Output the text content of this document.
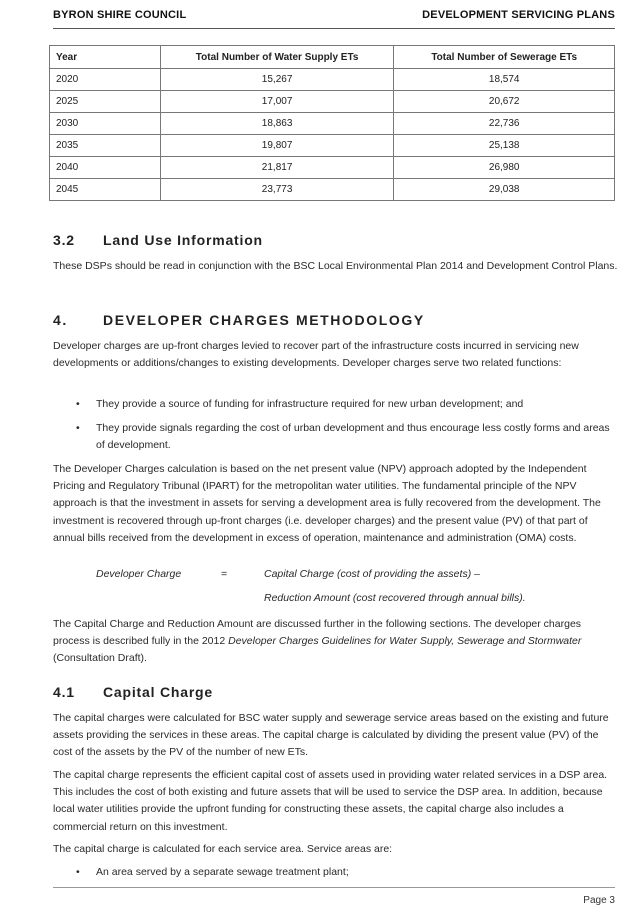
BYRON SHIRE COUNCIL	DEVELOPMENT SERVICING PLANS
Year	Total Number of Water Supply ETs	Total Number of Sewerage ETs
2020	15,267	18,574
2025	17,007	20,672
2030	18,863	22,736
2035	19,807	25,138
2040	21,817	26,980
2045	23,773	29,038
3.2 Land Use Information

These DSPs should be read in conjunction with the BSC Local Environmental Plan 2014 and Development Control Plans.

4.	DEVELOPER CHARGES METHODOLOGY

Developer charges are up-front charges levied to recover part of the infrastructure costs incurred in servicing new developments or additions/changes to existing developments. Developer charges serve two related functions:

• They provide a source of funding for infrastructure required for new urban development; and
• They provide signals regarding the cost of urban development and thus encourage less costly forms and areas of development.

The Developer Charges calculation is based on the net present value (NPV) approach adopted by the Independent Pricing and Regulatory Tribunal (IPART) for the metropolitan water utilities. The fundamental principle of the NPV approach is that the investment in assets for serving a development area is fully recovered from the development. The investment is recovered through up-front charges (i.e. developer charges) and the present value (PV) of that part of annual bills received from the development in excess of operation, maintenance and administration (OMA) costs.

Developer Charge	=	Capital Charge (cost of providing the assets) –
Reduction Amount (cost recovered through annual bills).

The Capital Charge and Reduction Amount are discussed further in the following sections. The developer charges process is described fully in the 2012 Developer Charges Guidelines for Water Supply, Sewerage and Stormwater (Consultation Draft).

4.1 Capital Charge

The capital charges were calculated for BSC water supply and sewerage service areas based on the existing and future assets providing the services in these areas. The capital charge is calculated by dividing the present value (PV) of the cost of the assets by the PV of the number of new ETs.

The capital charge represents the efficient capital cost of assets used in providing water related services in a DSP area. This includes the cost of both existing and future assets that will be used to service the DSP area. In addition, because local water utilities provide the upfront funding for constructing these assets, the capital charge also includes a commercial return on this investment.

The capital charge is calculated for each service area. Service areas are:

• An area served by a separate sewage treatment plant;
Page 3
